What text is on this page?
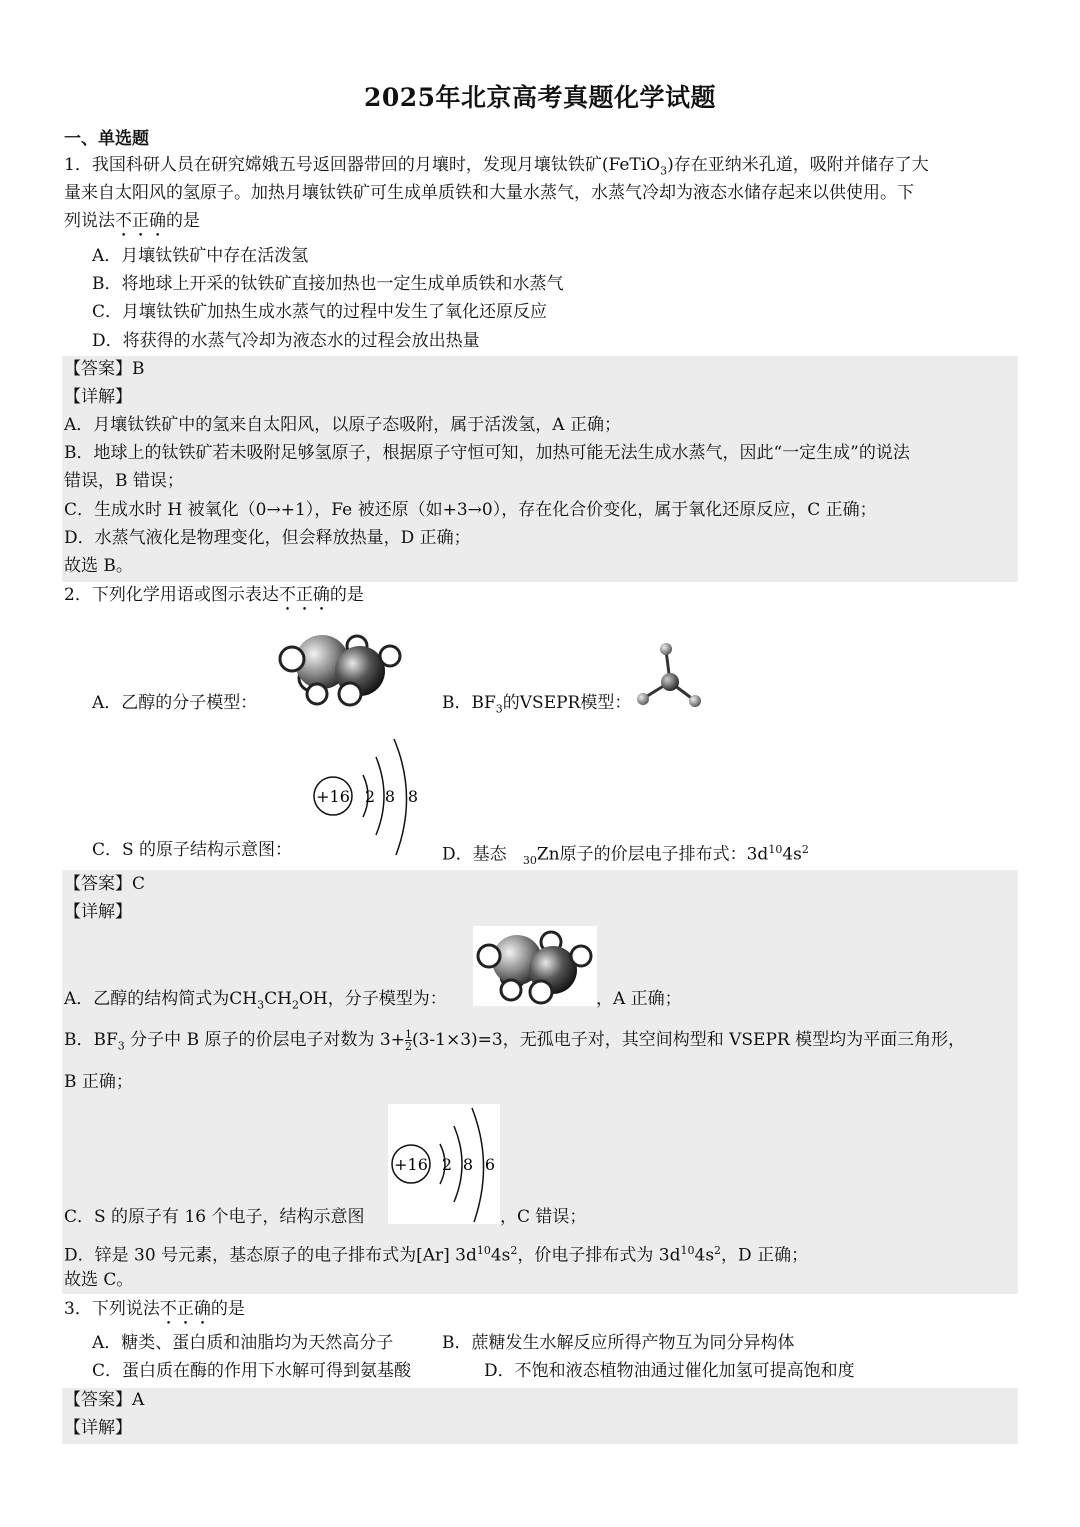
2025年北京高考真题化学试题
一、单选题
1．我国科研人员在研究嫦娥五号返回器带回的月壤时，发现月壤钛铁矿(FeTiO$_3$)存在亚纳米孔道，吸附并储存了大
量来自太阳风的氢原子。加热月壤钛铁矿可生成单质铁和大量水蒸气，水蒸气冷却为液态水储存起来以供使用。下
列说法不正确的是
A．月壤钛铁矿中存在活泼氢
B．将地球上开采的钛铁矿直接加热也一定生成单质铁和水蒸气
C．月壤钛铁矿加热生成水蒸气的过程中发生了氧化还原反应
D．将获得的水蒸气冷却为液态水的过程会放出热量
【答案】B
【详解】
A．月壤钛铁矿中的氢来自太阳风，以原子态吸附，属于活泼氢，A 正确；
B．地球上的钛铁矿若未吸附足够氢原子，根据原子守恒可知，加热可能无法生成水蒸气，因此“一定生成”的说法
错误，B 错误；
C．生成水时 H 被氧化（0→+1），Fe 被还原（如+3→0），存在化合价变化，属于氧化还原反应，C 正确；
D．水蒸气液化是物理变化，但会释放热量，D 正确；
故选 B。
2．下列化学用语或图示表达不正确的是
A．乙醇的分子模型：	B．$BF_3$的VSEPR模型：
+16 2 8 8
C．S 的原子结构示意图：	D．基态 $_{30}$Zn原子的价层电子排布式：$3d^{10}4s^2$
【答案】C
【详解】
A．乙醇的结构简式为$CH_3CH_2OH$，分子模型为：	，A 正确；
B．$BF_3$ 分子中 B 原子的价层电子对数为 $3+ \frac{1}{2} (3-1\times 3)=3$，无孤电子对，其空间构型和 VSEPR 模型均为平面三角形，
B 正确；
+16 2 8 6
C．S 的原子有 16 个电子，结构示意图	，C 错误；
D．锌是 30 号元素，基态原子的电子排布式为[Ar] $3d^{10}4s^2$，价电子排布式为 $3d^{10}4s^2$，D 正确；
故选 C。
3．下列说法不正确的是
A．糖类、蛋白质和油脂均为天然高分子	B．蔗糖发生水解反应所得产物互为同分异构体
C．蛋白质在酶的作用下水解可得到氨基酸	D．不饱和液态植物油通过催化加氢可提高饱和度
【答案】A
【详解】
